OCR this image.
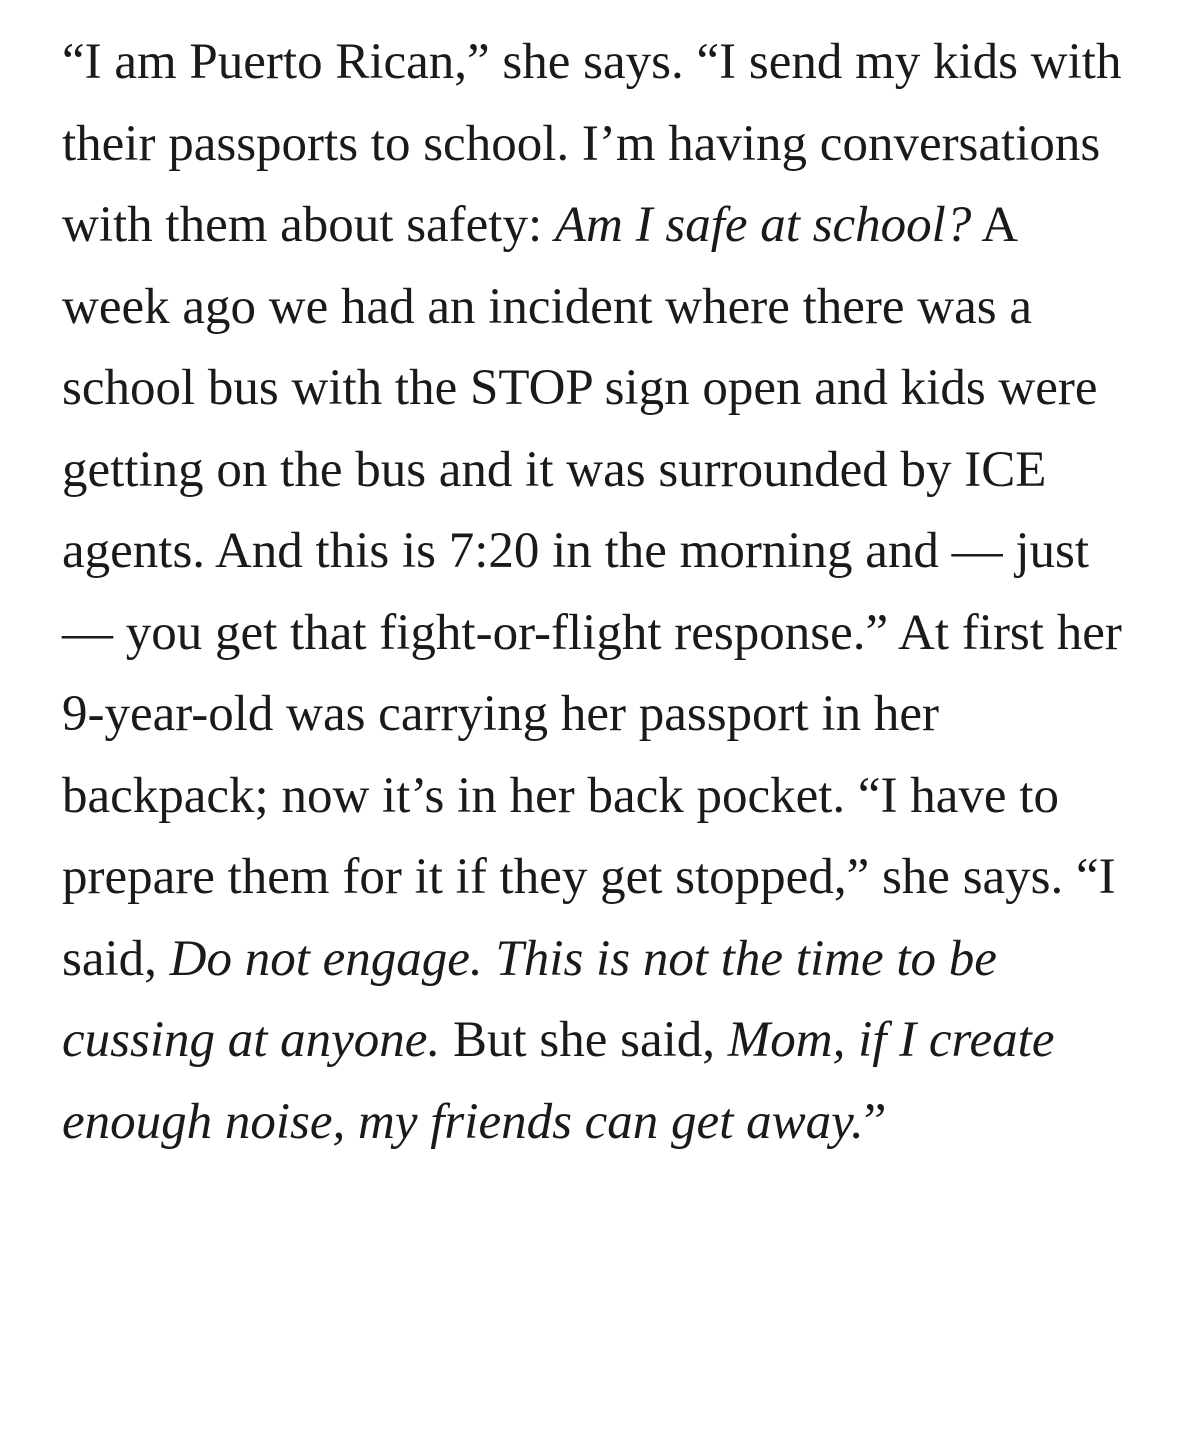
“I am Puerto Rican,” she says. “I send my kids with their passports to school. I’m having conversations with them about safety: Am I safe at school? A week ago we had an incident where there was a school bus with the STOP sign open and kids were getting on the bus and it was surrounded by ICE agents. And this is 7:20 in the morning and — just — you get that fight-or-flight response.” At first her 9-year-old was carrying her passport in her backpack; now it’s in her back pocket. “I have to prepare them for it if they get stopped,” she says. “I said, Do not engage. This is not the time to be cussing at anyone. But she said, Mom, if I create enough noise, my friends can get away.”
